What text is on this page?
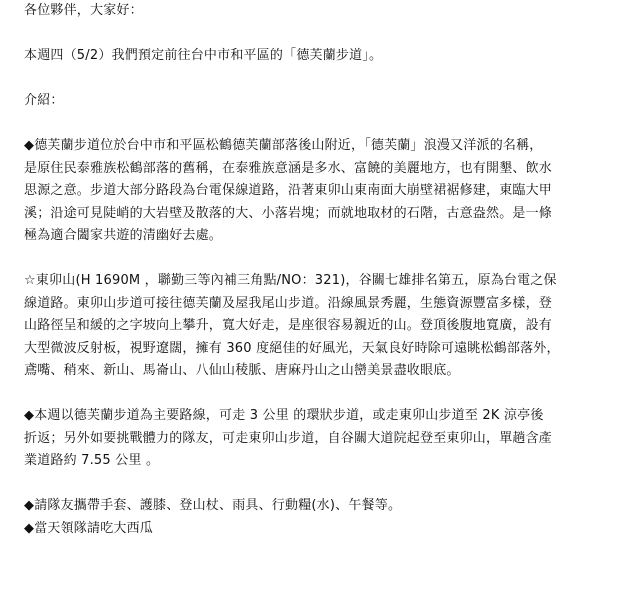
各位夥伴，大家好：
本週四（5/2）我們預定前往台中市和平區的「德芙蘭步道」。
介紹：
◆德芙蘭步道位於台中市和平區松鶴德芙蘭部落後山附近，「德芙蘭」浪漫又洋派的名稱，
是原住民泰雅族松鶴部落的舊稱，在泰雅族意涵是多水、富饒的美麗地方，也有開墾、飲水
思源之意。步道大部分路段為台電保線道路，沿著東卯山東南面大崩壁裙裾修建，東臨大甲
溪；沿途可見陡峭的大岩壁及散落的大、小落岩塊；而就地取材的石階，古意盎然。是一條
極為適合闔家共遊的清幽好去處。
☆東卯山(H 1690M ，聯勤三等內補三角點/NO：321)，谷關七雄排名第五，原為台電之保
線道路。東卯山步道可接往德芙蘭及屋我尾山步道。沿線風景秀麗，生態資源豐富多樣，登
山路徑呈和緩的之字坡向上攀升，寬大好走，是座很容易親近的山。登頂後腹地寬廣，設有
大型微波反射板，視野遼闊，擁有 360 度絕佳的好風光，天氣良好時除可遠眺松鶴部落外，
鳶嘴、稍來、新山、馬崙山、八仙山稜脈、唐麻丹山之山巒美景盡收眼底。
◆本週以德芙蘭步道為主要路線，可走 3 公里 的環狀步道，或走東卯山步道至 2K 涼亭後
折返；另外如要挑戰體力的隊友，可走東卯山步道，自谷關大道院起登至東卯山，單趟含產
業道路約 7.55 公里 。
◆請隊友攜帶手套、護膝、登山杖、雨具、行動糧(水)、午餐等。
◆當天領隊請吃大西瓜
